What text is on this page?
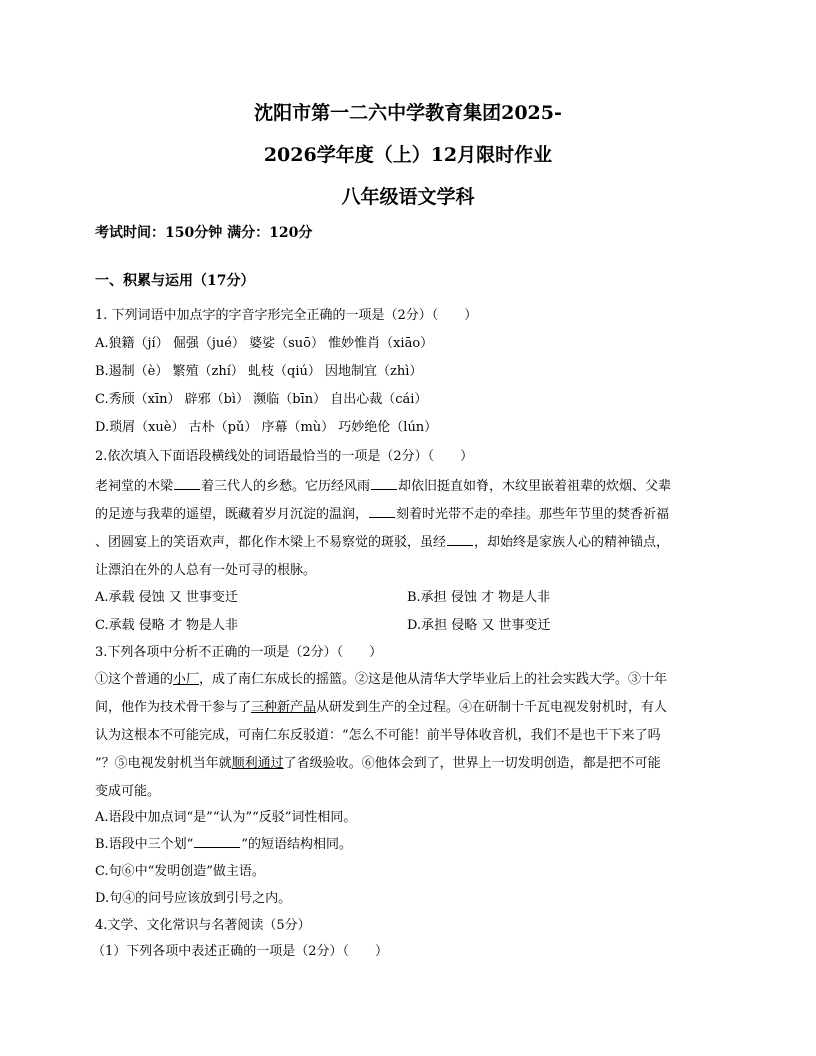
沈阳市第一二六中学教育集团2025-
2026学年度（上）12月限时作业
八年级语文学科
考试时间：150分钟 满分：120分
一、积累与运用（17分）
1. 下列词语中加点字的字音字形完全正确的一项是（2分）（　　）
A.狼籍（jí） 倔强（jué） 婆娑（suō） 惟妙惟肖（xiāo）
B.遏制（è） 繁殖（zhí） 虬枝（qiú） 因地制宜（zhì）
C.秀颀（xīn） 辟邪（bì） 濒临（bīn） 自出心裁（cái）
D.琐屑（xuè） 古朴（pǔ） 序幕（mù） 巧妙绝伦（lún）
2.依次填入下面语段横线处的词语最恰当的一项是（2分）（　　）
老祠堂的木梁 着三代人的乡愁。它历经风雨 却依旧挺直如脊，木纹里嵌着祖辈的炊烟、父辈
的足迹与我辈的遥望，既藏着岁月沉淀的温润， 刻着时光带不走的牵挂。那些年节里的焚香祈福
、团圆宴上的笑语欢声，都化作木梁上不易察觉的斑驳，虽经 ，却始终是家族人心的精神锚点，
让漂泊在外的人总有一处可寻的根脉。
A.承载 侵蚀 又 世事变迁	B.承担 侵蚀 才 物是人非
C.承载 侵略 才 物是人非	D.承担 侵略 又 世事变迁
3.下列各项中分析不正确的一项是（2分）（　　）
①这个普通的小厂，成了南仁东成长的摇篮。②这是他从清华大学毕业后上的社会实践大学。③十年
间，他作为技术骨干参与了三种新产品从研发到生产的全过程。④在研制十千瓦电视发射机时，有人
认为这根本不可能完成，可南仁东反驳道：“怎么不可能！前半导体收音机，我们不是也干下来了吗
”？⑤电视发射机当年就顺利通过了省级验收。⑥他体会到了，世界上一切发明创造，都是把不可能
变成可能。
A.语段中加点词“是”“认为”“反驳”词性相同。
B.语段中三个划“	”的短语结构相同。
C.句⑥中“发明创造”做主语。
D.句④的问号应该放到引号之内。
4.文学、文化常识与名著阅读（5分）
（1）下列各项中表述正确的一项是（2分）（　　）
